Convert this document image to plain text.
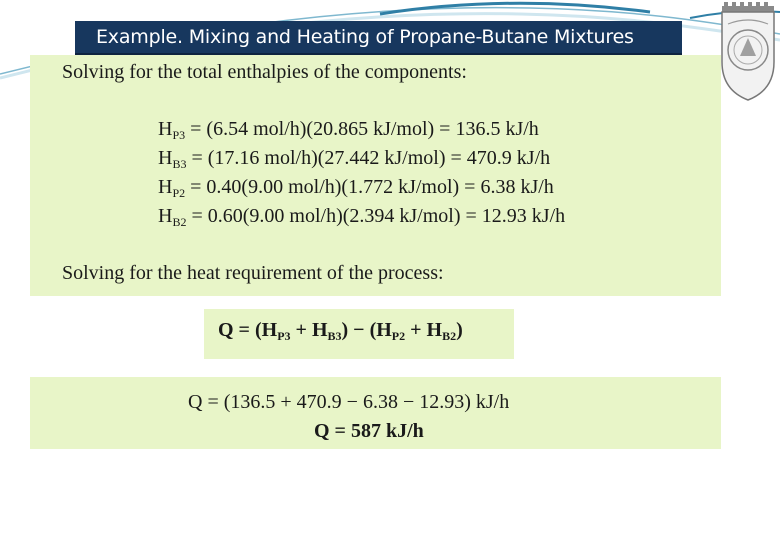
Example. Mixing and Heating of Propane-Butane Mixtures
Solving for the total enthalpies of the components:
$H_{P3} = (6.54$ mol/h)(20.865 kJ/mol) = 136.5 kJ/h
$H_{B3} = (17.16$ mol/h)(27.442 kJ/mol) = 470.9 kJ/h
$H_{P2} = 0.40(9.00$ mol/h)(1.772 kJ/mol) = 6.38 kJ/h
$H_{B2} = 0.60(9.00$ mol/h)(2.394 kJ/mol) = 12.93 kJ/h
Solving for the heat requirement of the process:
$Q = (H_{P3} + H_{B3}) - (H_{P2} + H_{B2})$
Q = (136.5 + 470.9 − 6.38 − 12.93) kJ/h
Q = 587 kJ/h
